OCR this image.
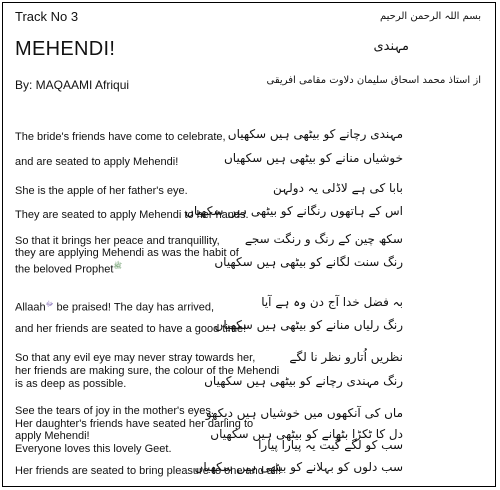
Track No 3
MEHENDI!
By: MAQAAMI Afriqui
بسم اللہ الرحمن الرحیم
مہندی
از استاذ محمد اسحاق سلیمان دلاوت مقامی افریقی
The bride's friends have come to celebrate,
and are seated to apply Mehendi!
She is the apple of her father's eye.
They are seated to apply Mehendi to her hands.
So that it brings her peace and tranquillity,
they are applying Mehendi as was the habit of
the beloved Prophet$^ﷺ$
Allaah$^ﷻ$ be praised! The day has arrived,
and her friends are seated to have a good time!
So that any evil eye may never stray towards her,
her friends are making sure, the colour of the Mehendi
is as deep as possible.
See the tears of joy in the mother's eyes.
Her daughter's friends have seated her darling to
apply Mehendi!
مہندی رچانے کو بیٹھی ہیں سکھیاں
خوشیاں منانے کو بیٹھی ہیں سکھیاں
بابا کی ہے لاڈلی یہ دولہن
اس کے ہاتھوں رنگانے کو بیٹھی ہیں سکھیاں
سکھ چین کے رنگ و رنگت سجے
رنگ سنت لگانے کو بیٹھی ہیں سکھیاں
بہ فضل خدا آج دن وہ ہے آیا
رنگ رلیاں منانے کو بیٹھی ہیں سکھیاں
نظریں اُتارو نظر نا لگے
رنگ مہندی رچانے کو بیٹھی ہیں سکھیاں
ماں کی آنکھوں میں خوشیاں ہیں دیکھو
دل کا ٹکڑا بٹھانے کو بیٹھی ہیں سکھیاں
Everyone loves this lovely Geet.
Her friends are seated to bring pleasure to one and all!
سب کو لگے گیت یہ پیارا پیارا
سب دلوں کو بہلانے کو بیٹھی ہیں سکھیاں
